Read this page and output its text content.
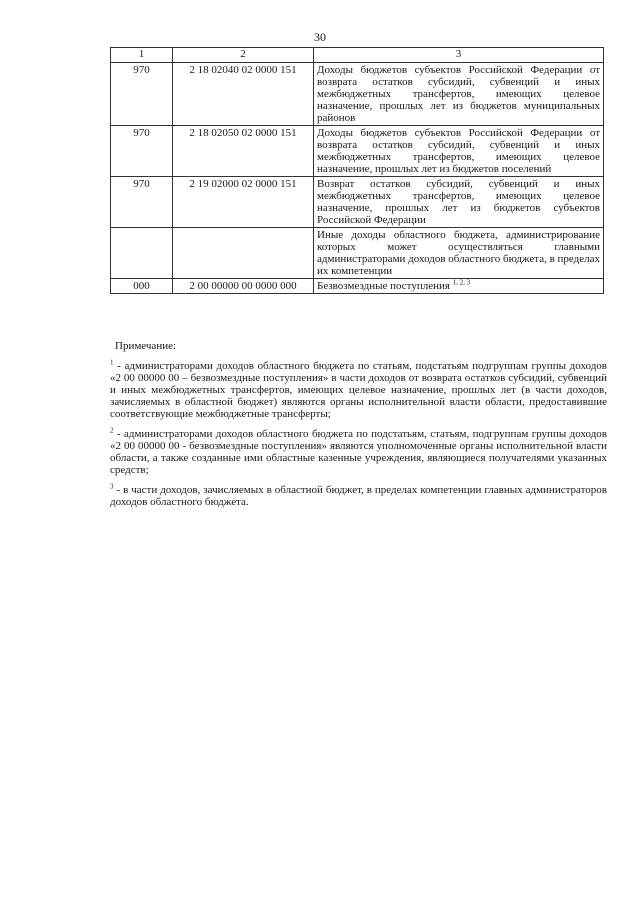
30
1	2	3
970	2 18 02040 02 0000 151	Доходы бюджетов субъектов Российской Федерации от возврата остатков субсидий, субвенций и иных межбюджетных трансфертов, имеющих целевое назначение, прошлых лет из бюджетов муниципальных районов
970	2 18 02050 02 0000 151	Доходы бюджетов субъектов Российской Федерации от возврата остатков субсидий, субвенций и иных межбюджетных трансфертов, имеющих целевое назначение, прошлых лет из бюджетов поселений
970	2 19 02000 02 0000 151	Возврат остатков субсидий, субвенций и иных межбюджетных трансфертов, имеющих целевое назначение, прошлых лет из бюджетов субъектов Российской Федерации
		Иные доходы областного бюджета, администрирование которых может осуществляться главными администраторами доходов областного бюджета, в пределах их компетенции
000	2 00 00000 00 0000 000	Безвозмездные поступления $^{1, 2, 3}$
Примечание:
$^1$ - администраторами доходов областного бюджета по статьям, подстатьям подгруппам группы доходов «2 00 00000 00 – безвозмездные поступления» в части доходов от возврата остатков субсидий, субвенций и иных межбюджетных трансфертов, имеющих целевое назначение, прошлых лет (в части доходов, зачисляемых в областной бюджет) являются органы исполнительной власти области, предоставившие соответствующие межбюджетные трансферты;
$^2$ - администраторами доходов областного бюджета по подстатьям, статьям, подгруппам группы доходов «2 00 00000 00 - безвозмездные поступления» являются уполномоченные органы исполнительной власти области, а также созданные ими областные казенные учреждения, являющиеся получателями указанных средств;
$^3$ - в части доходов, зачисляемых в областной бюджет, в пределах компетенции главных администраторов доходов областного бюджета.
